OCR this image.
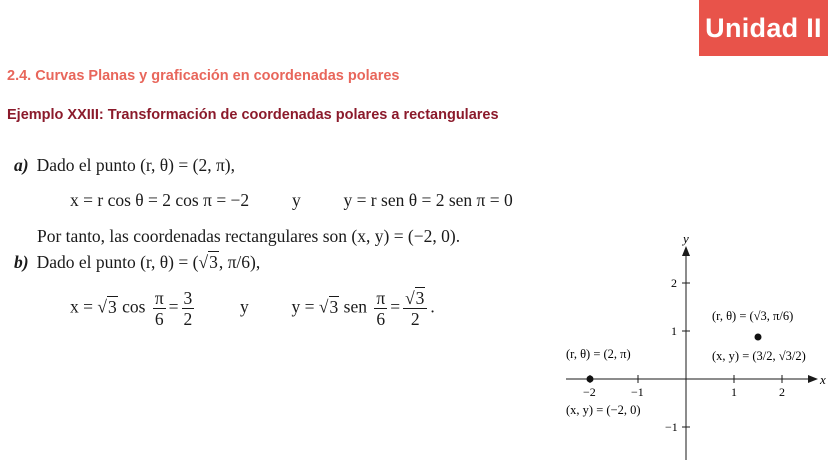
Unidad II
2.4. Curvas Planas y graficación en coordenadas polares
Ejemplo XXIII: Transformación de coordenadas polares a rectangulares
a) Dado el punto (r, θ) = (2, π),
x = r cos θ = 2 cos π = −2 y y = r sen θ = 2 sen π = 0
Por tanto, las coordenadas rectangulares son (x, y) = (−2, 0).
b) Dado el punto (r, θ) = (√3, π/6),
x = √3 $\cos \frac{\pi}{6} = \frac{3}{2}$	y y = √3 sen $\frac{\pi}{6} = \frac{√3}{2}$ .
x
y
−2	−1	1	2
2
1
−1
(r, θ) = (2, π)
(x, y) = (−2, 0)
(r, θ) = (√3, π/6)
(x, y) = (3/2, √3/2)
